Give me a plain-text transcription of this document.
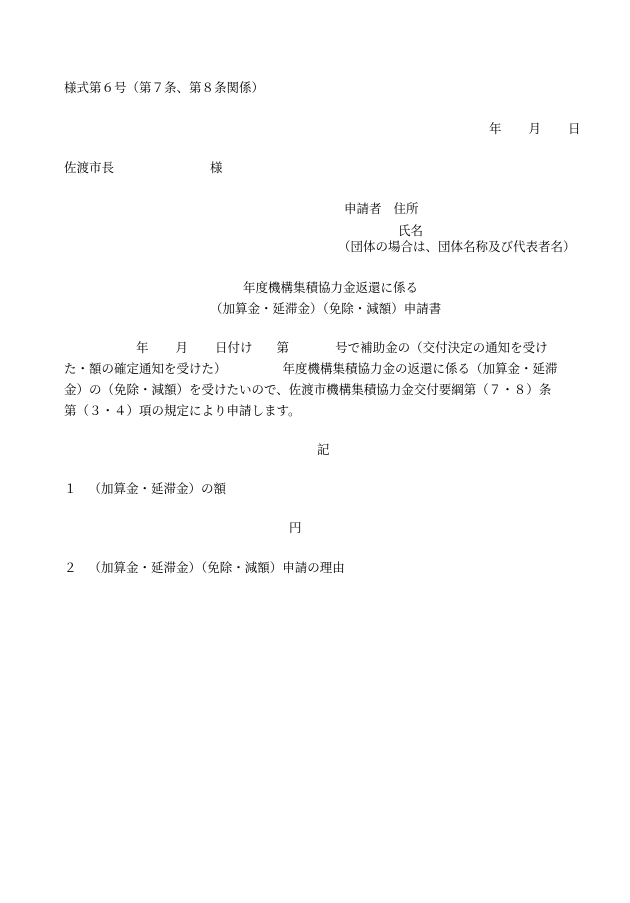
様式第６号（第７条、第８条関係）
年 月 日
佐渡市長	様
申請者 住所
氏名
（団体の場合は、団体名称及び代表者名）
年度機構集積協力金返還に係る
（加算金・延滞金）（免除・減額）申請書
年 月 日付け 第	号で補助金の（交付決定の通知を受け
た・額の確定通知を受けた）	年度機構集積協力金の返還に係る（加算金・延滞
金）の（免除・減額）を受けたいので、佐渡市機構集積協力金交付要綱第（７・８）条
第（３・４）項の規定により申請します。
記
１ （加算金・延滞金）の額
円
２ （加算金・延滞金）（免除・減額）申請の理由
